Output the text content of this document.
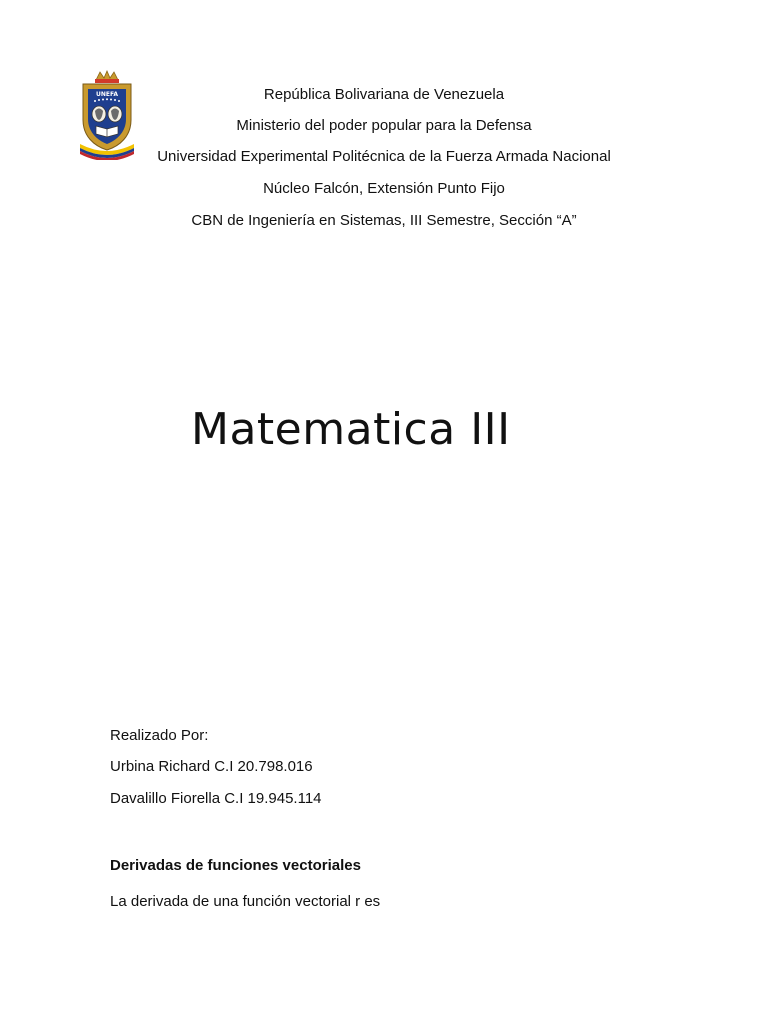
UNEFA	República Bolivariana de Venezuela
Ministerio del poder popular para la Defensa
Universidad Experimental Politécnica de la Fuerza Armada Nacional
Núcleo Falcón, Extensión Punto Fijo
CBN de Ingeniería en Sistemas, III Semestre, Sección “A”
Matematica III
Realizado Por:
Urbina Richard C.I 20.798.016
Davalillo Fiorella C.I 19.945.114
Derivadas de funciones vectoriales
La derivada de una función vectorial r es
